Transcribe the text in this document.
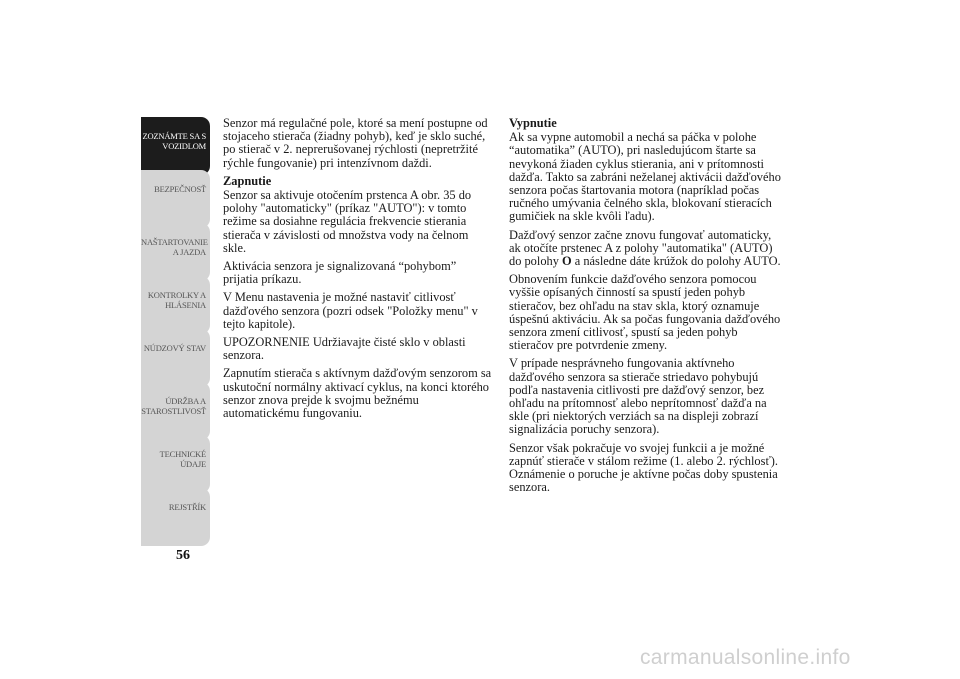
ZOZNÁMTE SA S VOZIDLOM
BEZPEČNOSŤ
NAŠTARTOVANIE A JAZDA
KONTROLKY A HLÁSENIA
NÚDZOVÝ STAV
ÚDRŽBA A STAROSTLIVOSŤ
TECHNICKÉ ÚDAJE
REJSTŘÍK
56

Senzor má regulačné pole, ktoré sa mení postupne od stojaceho stierača (žiadny pohyb), keď je sklo suché, po stierač v 2. neprerušovanej rýchlosti (nepretržité rýchle fungovanie) pri intenzívnom daždi.

Zapnutie

Senzor sa aktivuje otočením prstenca A obr. 35 do polohy "automaticky" (príkaz "AUTO"): v tomto režime sa dosiahne regulácia frekvencie stierania stierača v závislosti od množstva vody na čelnom skle.

Aktivácia senzora je signalizovaná “pohybom” prijatia príkazu.

V Menu nastavenia je možné nastaviť citlivosť dažďového senzora (pozri odsek "Položky menu" v tejto kapitole).

UPOZORNENIE Udržiavajte čisté sklo v oblasti senzora.

Zapnutím stierača s aktívnym dažďovým senzorom sa uskutoční normálny aktivací cyklus, na konci ktorého senzor znova prejde k svojmu bežnému automatickému fungovaniu.

Vypnutie

Ak sa vypne automobil a nechá sa páčka v polohe “automatika” (AUTO), pri nasledujúcom štarte sa nevykoná žiaden cyklus stierania, ani v prítomnosti dažďa. Takto sa zabráni neželanej aktivácii dažďového senzora počas štartovania motora (napríklad počas ručného umývania čelného skla, blokovaní stieracích gumičiek na skle kvôli ľadu).

Dažďový senzor začne znovu fungovať automaticky, ak otočíte prstenec A z polohy "automatika" (AUTO) do polohy O a následne dáte krúžok do polohy AUTO.

Obnovením funkcie dažďového senzora pomocou vyššie opísaných činností sa spustí jeden pohyb stieračov, bez ohľadu na stav skla, ktorý oznamuje úspešnú aktiváciu. Ak sa počas fungovania dažďového senzora zmení citlivosť, spustí sa jeden pohyb stieračov pre potvrdenie zmeny.

V prípade nesprávneho fungovania aktívneho dažďového senzora sa stierače striedavo pohybujú podľa nastavenia citlivosti pre dažďový senzor, bez ohľadu na prítomnosť alebo neprítomnosť dažďa na skle (pri niektorých verziách sa na displeji zobrazí signalizácia poruchy senzora).

Senzor však pokračuje vo svojej funkcii a je možné zapnúť stierače v stálom režime (1. alebo 2. rýchlosť). Oznámenie o poruche je aktívne počas doby spustenia senzora.

carmanualsonline.info
